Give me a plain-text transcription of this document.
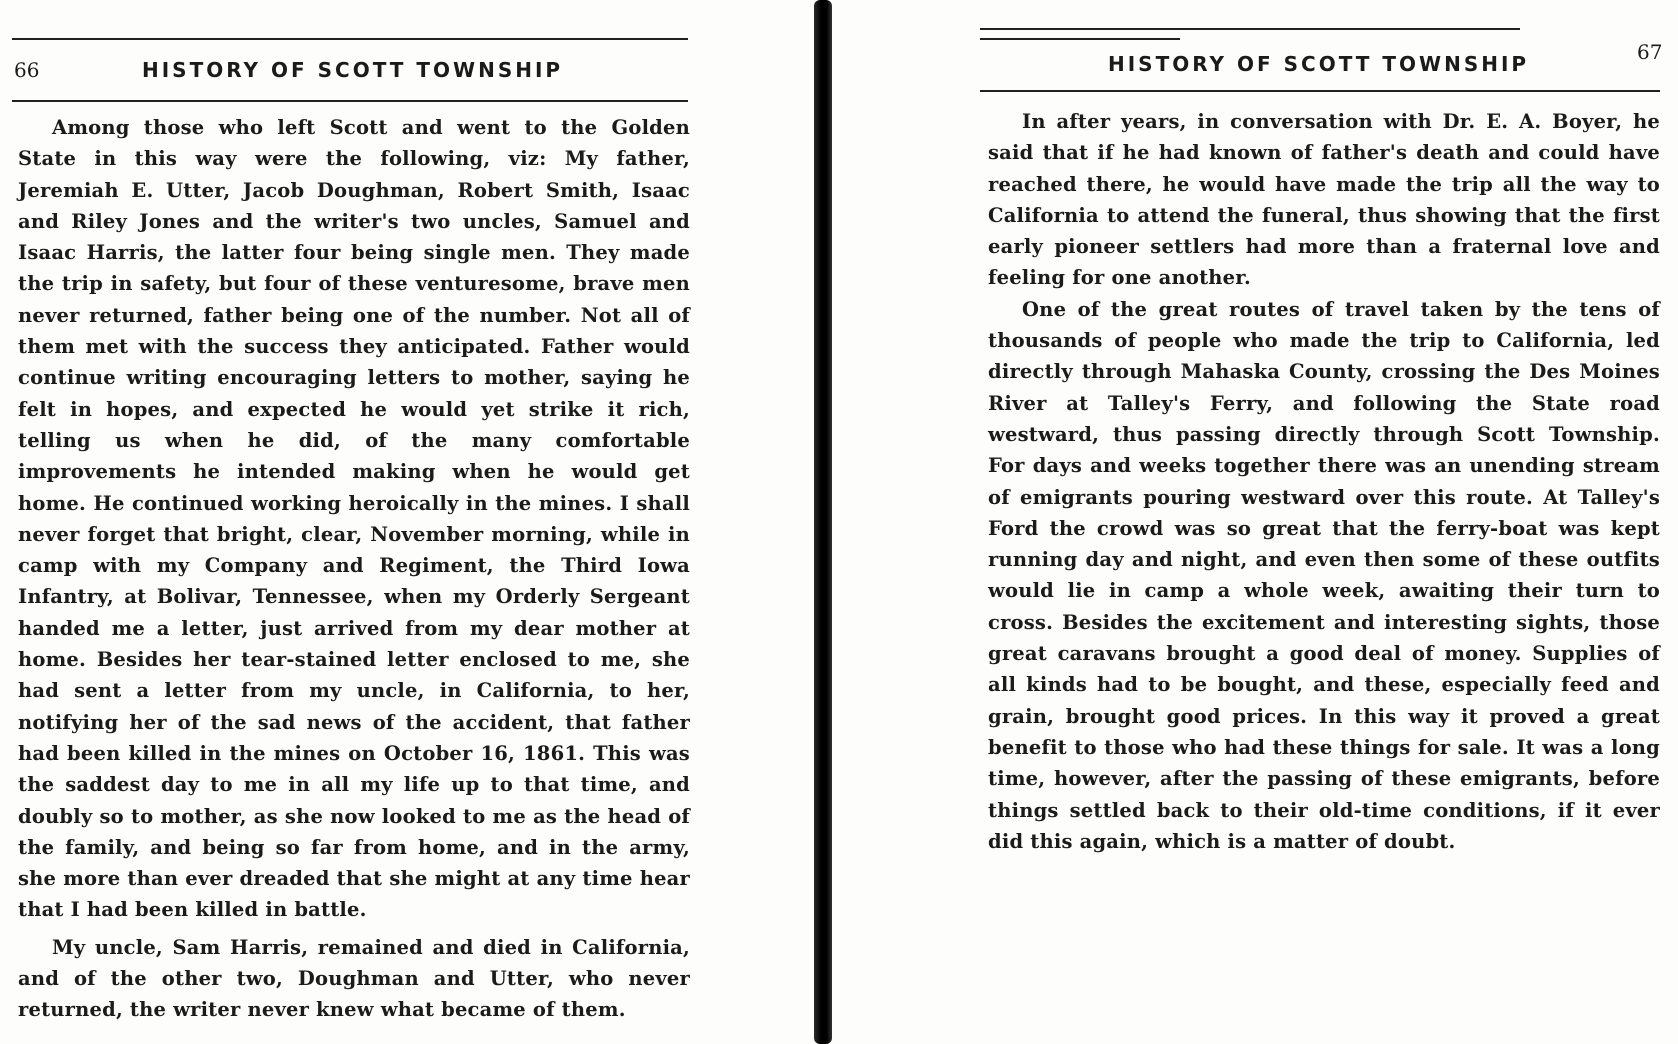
66	HISTORY OF SCOTT TOWNSHIP

Among those who left Scott and went to the Golden State in this way were the following, viz: My father, Jeremiah E. Utter, Jacob Doughman, Robert Smith, Isaac and Riley Jones and the writer's two uncles, Samuel and Isaac Harris, the latter four being single men. They made the trip in safety, but four of these venturesome, brave men never returned, father being one of the number. Not all of them met with the success they anticipated. Father would continue writing encouraging letters to mother, saying he felt in hopes, and expected he would yet strike it rich, telling us when he did, of the many comfortable improvements he intended making when he would get home. He continued working heroically in the mines. I shall never forget that bright, clear, November morning, while in camp with my Company and Regiment, the Third Iowa Infantry, at Bolivar, Tennessee, when my Orderly Sergeant handed me a letter, just arrived from my dear mother at home. Besides her tear-stained letter enclosed to me, she had sent a letter from my uncle, in California, to her, notifying her of the sad news of the accident, that father had been killed in the mines on October 16, 1861. This was the saddest day to me in all my life up to that time, and doubly so to mother, as she now looked to me as the head of the family, and being so far from home, and in the army, she more than ever dreaded that she might at any time hear that I had been killed in battle.

My uncle, Sam Harris, remained and died in California, and of the other two, Doughman and Utter, who never returned, the writer never knew what became of them.

HISTORY OF SCOTT TOWNSHIP	67

In after years, in conversation with Dr. E. A. Boyer, he said that if he had known of father's death and could have reached there, he would have made the trip all the way to California to attend the funeral, thus showing that the first early pioneer settlers had more than a fraternal love and feeling for one another.

One of the great routes of travel taken by the tens of thousands of people who made the trip to California, led directly through Mahaska County, crossing the Des Moines River at Talley's Ferry, and following the State road westward, thus passing directly through Scott Township. For days and weeks together there was an unending stream of emigrants pouring westward over this route. At Talley's Ford the crowd was so great that the ferry-boat was kept running day and night, and even then some of these outfits would lie in camp a whole week, awaiting their turn to cross. Besides the excitement and interesting sights, those great caravans brought a good deal of money. Supplies of all kinds had to be bought, and these, especially feed and grain, brought good prices. In this way it proved a great benefit to those who had these things for sale. It was a long time, however, after the passing of these emigrants, before things settled back to their old-time conditions, if it ever did this again, which is a matter of doubt.
